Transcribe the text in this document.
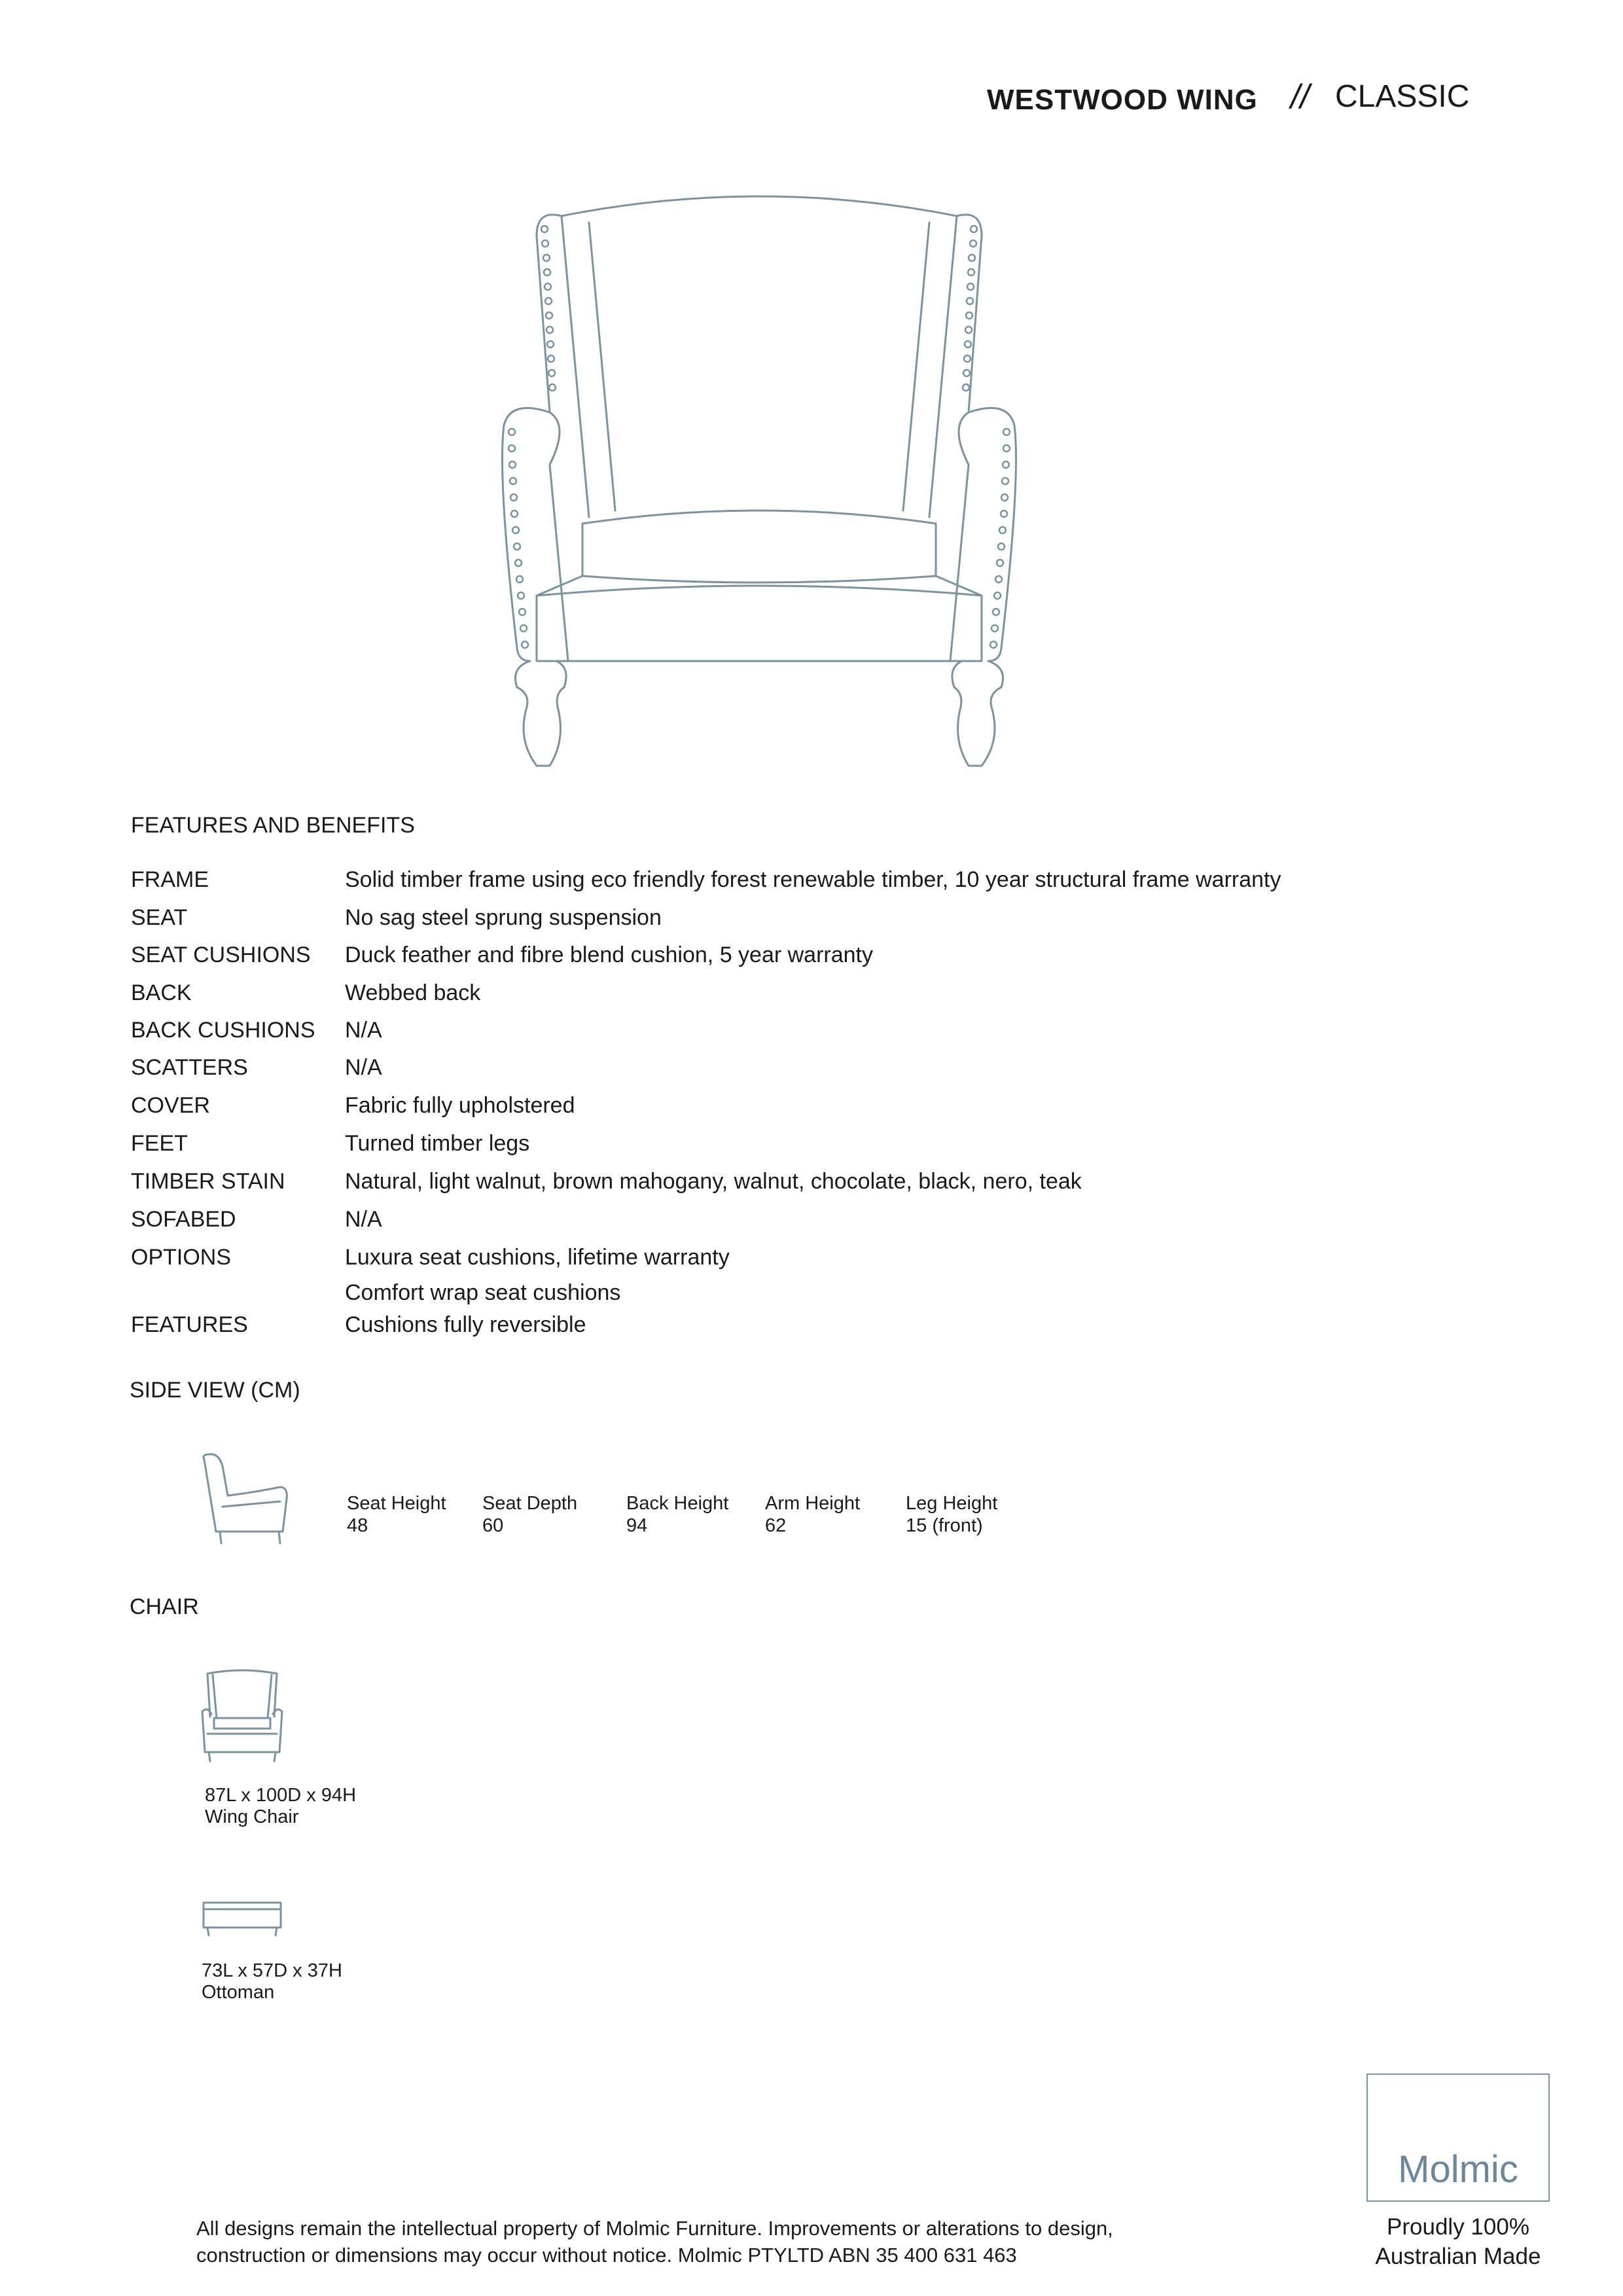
WESTWOOD WING // CLASSIC
FEATURES AND BENEFITS
FRAME	Solid timber frame using eco friendly forest renewable timber, 10 year structural frame warranty
SEAT	No sag steel sprung suspension
SEAT CUSHIONS Duck feather and fibre blend cushion, 5 year warranty
BACK	Webbed back
BACK CUSHIONS N/A
SCATTERS	N/A
COVER	Fabric fully upholstered
FEET	Turned timber legs
TIMBER STAIN	Natural, light walnut, brown mahogany, walnut, chocolate, black, nero, teak
SOFABED	N/A
OPTIONS	Luxura seat cushions, lifetime warranty
Comfort wrap seat cushions
FEATURES	Cushions fully reversible
SIDE VIEW (CM)
Seat Height
48
Seat Depth
60
Back Height
94
Arm Height
62
Leg Height
15 (front)
CHAIR
87L x 100D x 94H
Wing Chair
73L x 57D x 37H
Ottoman
Molmic
Proudly 100%
Australian Made
All designs remain the intellectual property of Molmic Furniture. Improvements or alterations to design,
construction or dimensions may occur without notice. Molmic PTYLTD ABN 35 400 631 463
